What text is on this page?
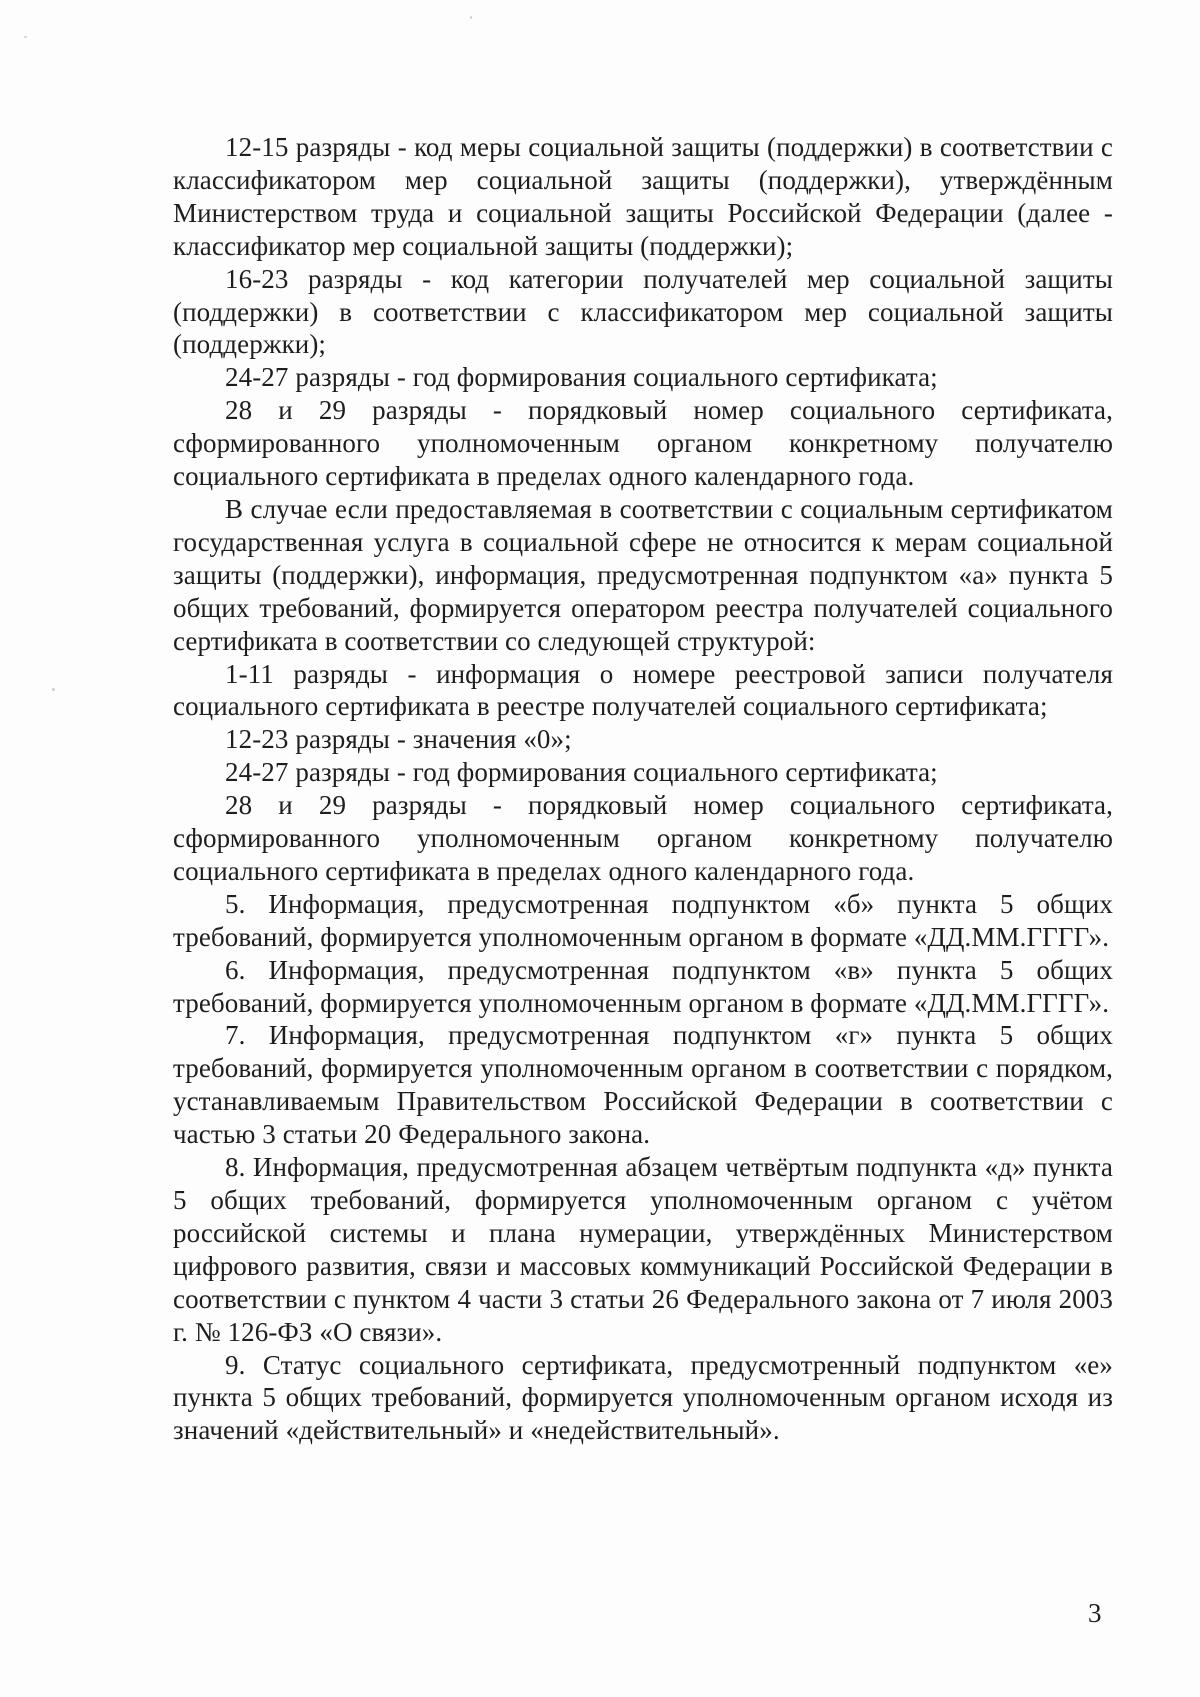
12-15 разряды - код меры социальной защиты (поддержки) в соответствии с классификатором мер социальной защиты (поддержки), утверждённым Министерством труда и социальной защиты Российской Федерации (далее - классификатор мер социальной защиты (поддержки);

16-23 разряды - код категории получателей мер социальной защиты (поддержки) в соответствии с классификатором мер социальной защиты (поддержки);

24-27 разряды - год формирования социального сертификата;

28 и 29 разряды - порядковый номер социального сертификата, сформированного уполномоченным органом конкретному получателю социального сертификата в пределах одного календарного года.

В случае если предоставляемая в соответствии с социальным сертификатом государственная услуга в социальной сфере не относится к мерам социальной защиты (поддержки), информация, предусмотренная подпунктом «а» пункта 5 общих требований, формируется оператором реестра получателей социального сертификата в соответствии со следующей структурой:

1-11 разряды - информация о номере реестровой записи получателя социального сертификата в реестре получателей социального сертификата;

12-23 разряды - значения «0»;

24-27 разряды - год формирования социального сертификата;

28 и 29 разряды - порядковый номер социального сертификата, сформированного уполномоченным органом конкретному получателю социального сертификата в пределах одного календарного года.

5. Информация, предусмотренная подпунктом «б» пункта 5 общих требований, формируется уполномоченным органом в формате «ДД.ММ.ГГГГ».

6. Информация, предусмотренная подпунктом «в» пункта 5 общих требований, формируется уполномоченным органом в формате «ДД.ММ.ГГГГ».

7. Информация, предусмотренная подпунктом «г» пункта 5 общих требований, формируется уполномоченным органом в соответствии с порядком, устанавливаемым Правительством Российской Федерации в соответствии с частью 3 статьи 20 Федерального закона.

8. Информация, предусмотренная абзацем четвёртым подпункта «д» пункта 5 общих требований, формируется уполномоченным органом с учётом российской системы и плана нумерации, утверждённых Министерством цифрового развития, связи и массовых коммуникаций Российской Федерации в соответствии с пунктом 4 части 3 статьи 26 Федерального закона от 7 июля 2003 г. № 126-ФЗ «О связи».

9. Статус социального сертификата, предусмотренный подпунктом «е» пункта 5 общих требований, формируется уполномоченным органом исходя из значений «действительный» и «недействительный».

3
